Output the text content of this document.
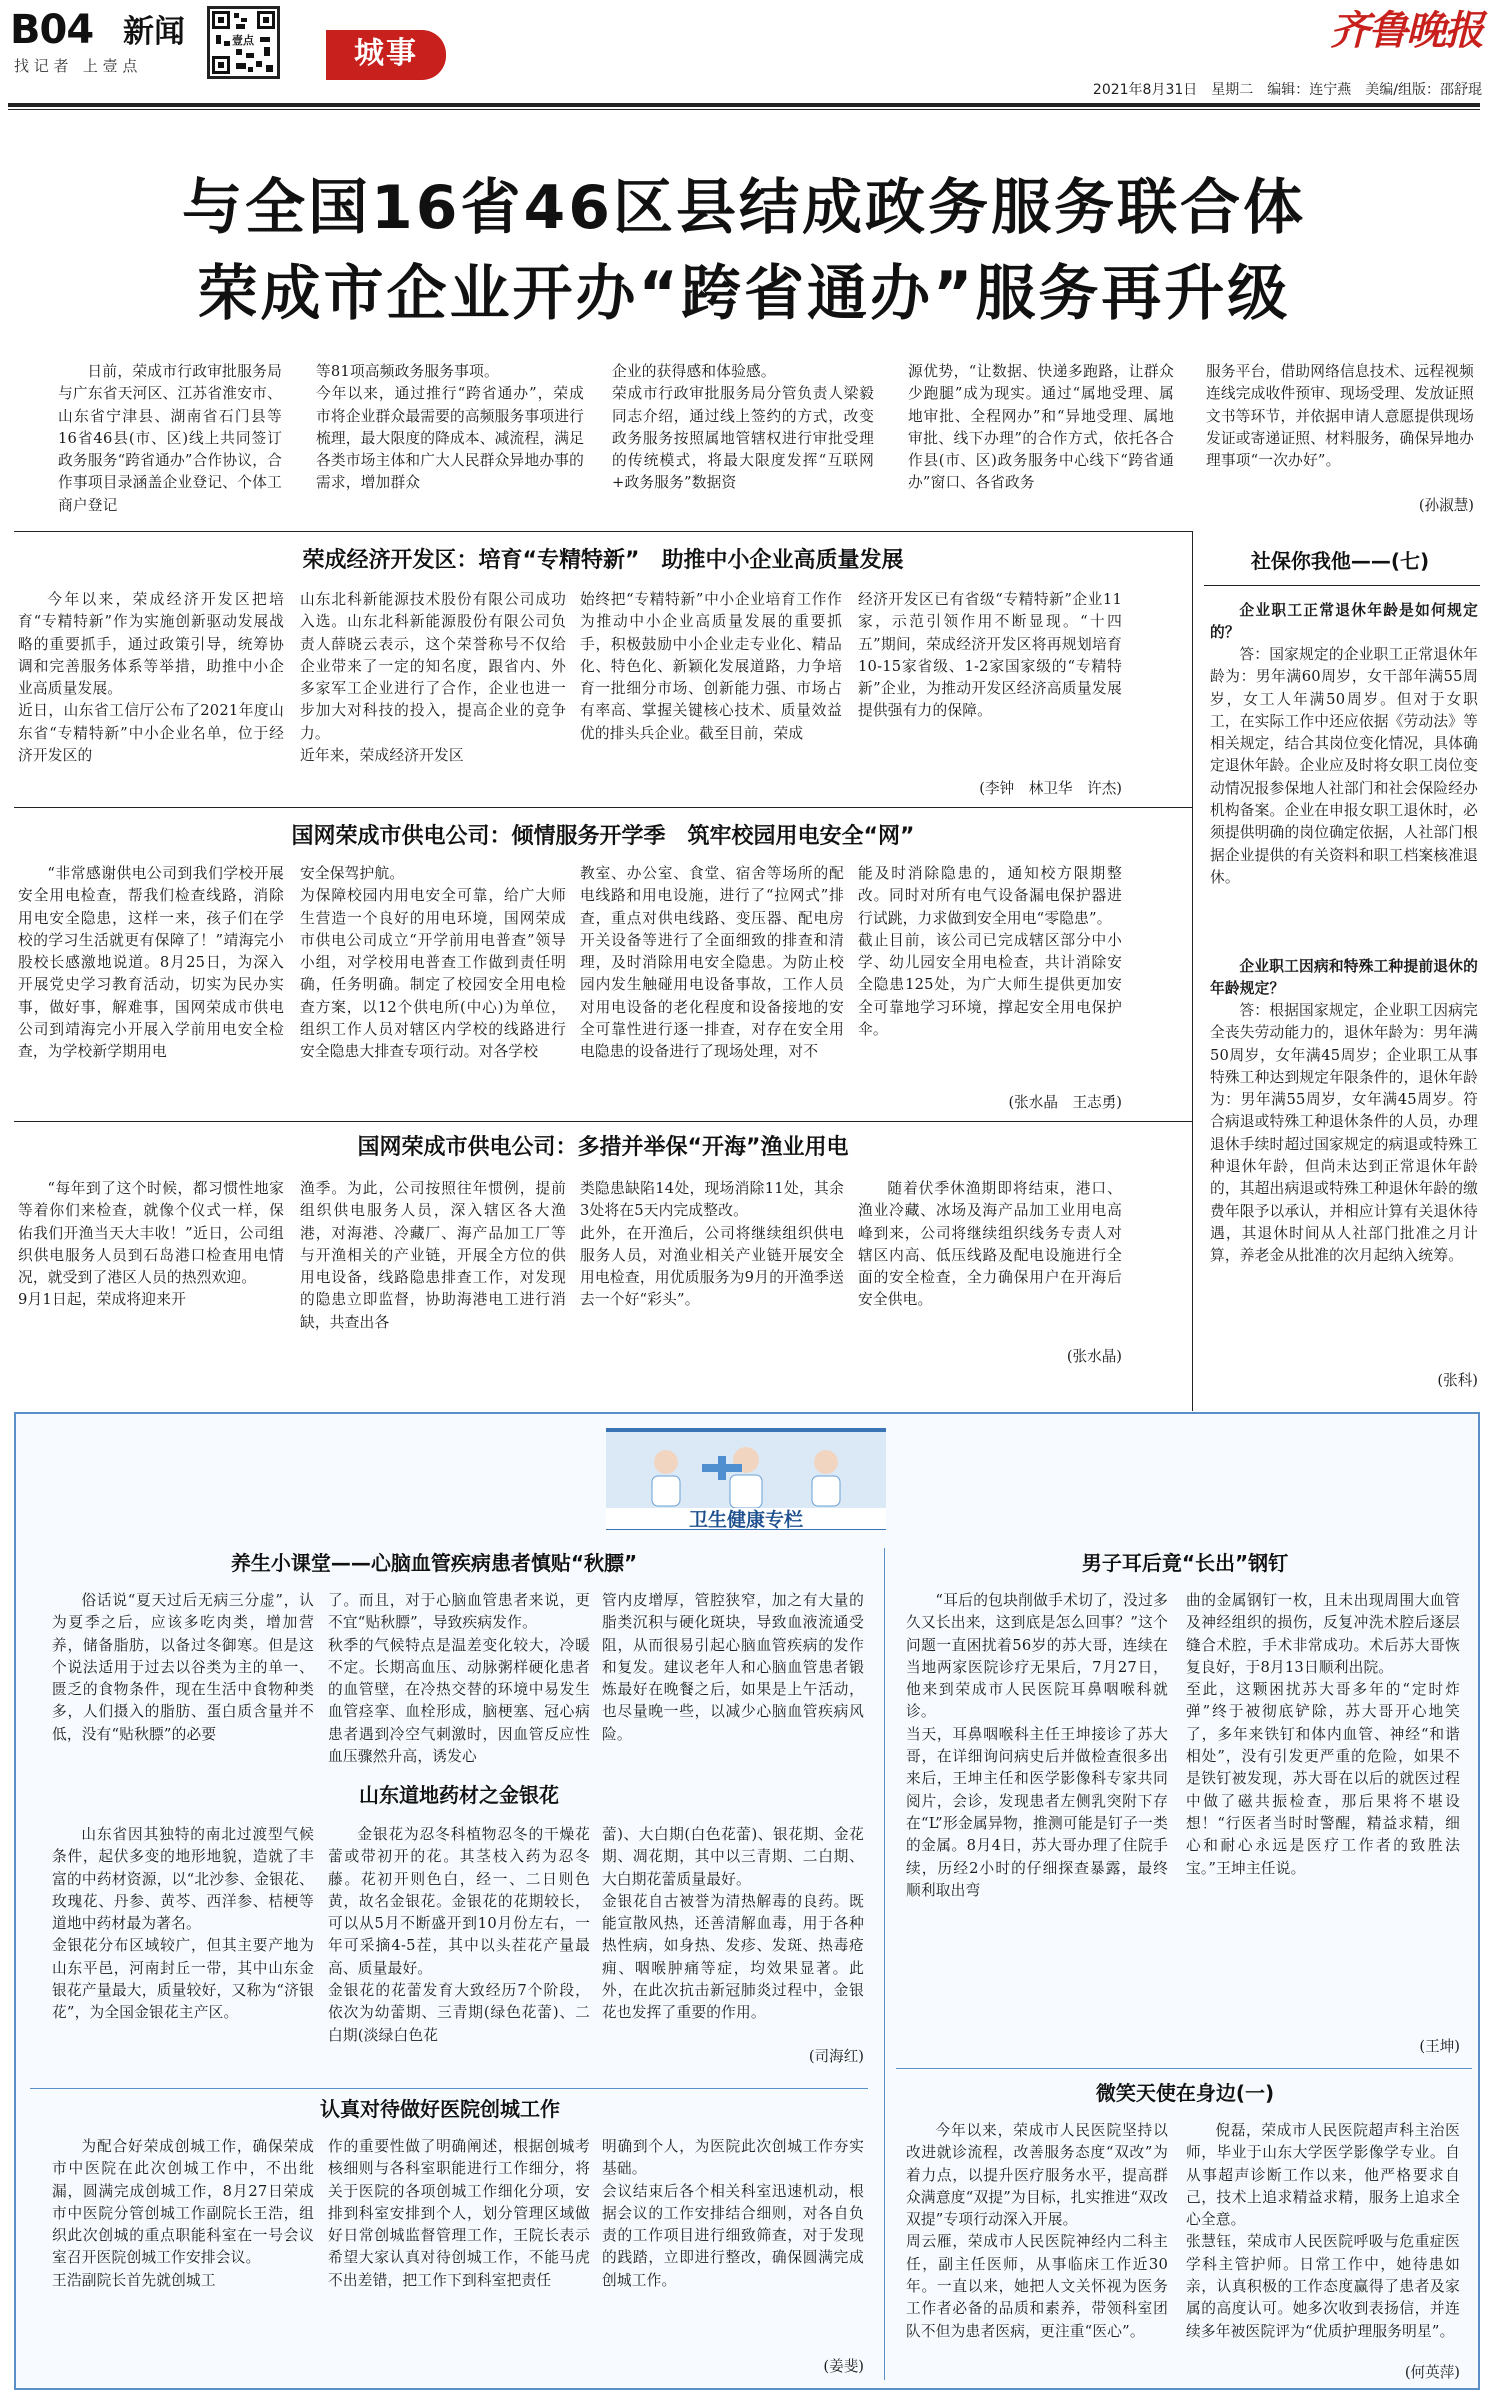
B04 新闻
找 记 者   上 壹 点
壹点	城事	齐鲁晚报
2021年8月31日　星期二　编辑：连宁燕　美编/组版：邵舒琨
与全国16省46区县结成政务服务联合体
荣成市企业开办“跨省通办”服务再升级
日前，荣成市行政审批服务局与广东省天河区、江苏省淮安市、山东省宁津县、湖南省石门县等16省46县(市、区)线上共同签订政务服务“跨省通办”合作协议，合作事项目录涵盖企业登记、个体工商户登记
等81项高频政务服务事项。
今年以来，通过推行“跨省通办”，荣成市将企业群众最需要的高频服务事项进行梳理，最大限度的降成本、减流程，满足各类市场主体和广大人民群众异地办事的需求，增加群众
企业的获得感和体验感。
荣成市行政审批服务局分管负责人梁毅同志介绍，通过线上签约的方式，改变政务服务按照属地管辖权进行审批受理的传统模式，将最大限度发挥“互联网+政务服务”数据资
源优势，“让数据、快递多跑路，让群众少跑腿”成为现实。通过“属地受理、属地审批、全程网办”和“异地受理、属地审批、线下办理”的合作方式，依托各合作县(市、区)政务服务中心线下“跨省通办”窗口、各省政务
服务平台，借助网络信息技术、远程视频连线完成收件预审、现场受理、发放证照文书等环节，并依据申请人意愿提供现场发证或寄递证照、材料服务，确保异地办理事项“一次办好”。
(孙淑慧)
荣成经济开发区：培育“专精特新”　助推中小企业高质量发展
今年以来，荣成经济开发区把培育“专精特新”作为实施创新驱动发展战略的重要抓手，通过政策引导，统筹协调和完善服务体系等举措，助推中小企业高质量发展。
近日，山东省工信厅公布了2021年度山东省“专精特新”中小企业名单，位于经济开发区的
山东北科新能源技术股份有限公司成功入选。山东北科新能源股份有限公司负责人薛晓云表示，这个荣誉称号不仅给企业带来了一定的知名度，跟省内、外多家军工企业进行了合作，企业也进一步加大对科技的投入，提高企业的竞争力。
近年来，荣成经济开发区
始终把“专精特新”中小企业培育工作作为推动中小企业高质量发展的重要抓手，积极鼓励中小企业走专业化、精品化、特色化、新颖化发展道路，力争培育一批细分市场、创新能力强、市场占有率高、掌握关键核心技术、质量效益优的排头兵企业。截至目前，荣成
经济开发区已有省级“专精特新”企业11家，示范引领作用不断显现。“十四五”期间，荣成经济开发区将再规划培育10-15家省级、1-2家国家级的“专精特新”企业，为推动开发区经济高质量发展提供强有力的保障。
(李钟　林卫华　许杰)
国网荣成市供电公司：倾情服务开学季　筑牢校园用电安全“网”
“非常感谢供电公司到我们学校开展安全用电检查，帮我们检查线路，消除用电安全隐患，这样一来，孩子们在学校的学习生活就更有保障了！”靖海完小股校长感激地说道。8月25日，为深入开展党史学习教育活动，切实为民办实事，做好事，解难事，国网荣成市供电公司到靖海完小开展入学前用电安全检查，为学校新学期用电
安全保驾护航。
为保障校园内用电安全可靠，给广大师生营造一个良好的用电环境，国网荣成市供电公司成立“开学前用电普查”领导小组，对学校用电普查工作做到责任明确，任务明确。制定了校园安全用电检查方案，以12个供电所(中心)为单位，组织工作人员对辖区内学校的线路进行安全隐患大排查专项行动。对各学校
教室、办公室、食堂、宿舍等场所的配电线路和用电设施，进行了“拉网式”排查，重点对供电线路、变压器、配电房开关设备等进行了全面细致的排查和清理，及时消除用电安全隐患。为防止校园内发生触碰用电设备事故，工作人员对用电设备的老化程度和设备接地的安全可靠性进行逐一排查，对存在安全用电隐患的设备进行了现场处理，对不
能及时消除隐患的，通知校方限期整改。同时对所有电气设备漏电保护器进行试跳，力求做到安全用电“零隐患”。
截止目前，该公司已完成辖区部分中小学、幼儿园安全用电检查，共计消除安全隐患125处，为广大师生提供更加安全可靠地学习环境，撑起安全用电保护伞。
(张水晶　王志勇)
国网荣成市供电公司：多措并举保“开海”渔业用电
“每年到了这个时候，都习惯性地家等着你们来检查，就像个仪式一样，保佑我们开渔当天大丰收！”近日，公司组织供电服务人员到石岛港口检查用电情况，就受到了港区人员的热烈欢迎。
9月1日起，荣成将迎来开
渔季。为此，公司按照往年惯例，提前组织供电服务人员，深入辖区各大渔港，对海港、冷藏厂、海产品加工厂等与开渔相关的产业链，开展全方位的供用电设备，线路隐患排查工作，对发现的隐患立即监督，协助海港电工进行消缺，共查出各
类隐患缺陷14处，现场消除11处，其余3处将在5天内完成整改。
此外，在开渔后，公司将继续组织供电服务人员，对渔业相关产业链开展安全用电检查，用优质服务为9月的开渔季送去一个好“彩头”。
随着伏季休渔期即将结束，港口、渔业冷藏、冰场及海产品加工业用电高峰到来，公司将继续组织线务专责人对辖区内高、低压线路及配电设施进行全面的安全检查，全力确保用户在开海后安全供电。
(张水晶)
社保你我他——(七)
企业职工正常退休年龄是如何规定的？
答：国家规定的企业职工正常退休年龄为：男年满60周岁，女干部年满55周岁，女工人年满50周岁。但对于女职工，在实际工作中还应依据《劳动法》等相关规定，结合其岗位变化情况，具体确定退休年龄。企业应及时将女职工岗位变动情况报参保地人社部门和社会保险经办机构备案。企业在申报女职工退休时，必须提供明确的岗位确定依据，人社部门根据企业提供的有关资料和职工档案核准退休。
企业职工因病和特殊工种提前退休的年龄规定？
答：根据国家规定，企业职工因病完全丧失劳动能力的，退休年龄为：男年满50周岁，女年满45周岁；企业职工从事特殊工种达到规定年限条件的，退休年龄为：男年满55周岁，女年满45周岁。符合病退或特殊工种退休条件的人员，办理退休手续时超过国家规定的病退或特殊工种退休年龄，但尚未达到正常退休年龄的，其超出病退或特殊工种退休年龄的缴费年限予以承认，并相应计算有关退休待遇，其退休时间从人社部门批准之月计算，养老金从批准的次月起纳入统筹。
(张科)
卫生健康专栏
养生小课堂——心脑血管疾病患者慎贴“秋膘”
俗话说“夏天过后无病三分虚”，认为夏季之后，应该多吃肉类，增加营养，储备脂肪，以备过冬御寒。但是这个说法适用于过去以谷类为主的单一、匮乏的食物条件，现在生活中食物种类多，人们摄入的脂肪、蛋白质含量并不低，没有“贴秋膘”的必要
了。而且，对于心脑血管患者来说，更不宜“贴秋膘”，导致疾病发作。
秋季的气候特点是温差变化较大，冷暖不定。长期高血压、动脉粥样硬化患者的血管壁，在冷热交替的环境中易发生血管痉挛、血栓形成，脑梗塞、冠心病患者遇到冷空气刺激时，因血管反应性血压骤然升高，诱发心
管内皮增厚，管腔狭窄，加之有大量的脂类沉积与硬化斑块，导致血液流通受阻，从而很易引起心脑血管疾病的发作和复发。建议老年人和心脑血管患者锻炼最好在晚餐之后，如果是上午活动，也尽量晚一些，以减少心脑血管疾病风险。
山东道地药材之金银花
山东省因其独特的南北过渡型气候条件，起伏多变的地形地貌，造就了丰富的中药材资源，以“北沙参、金银花、玫瑰花、丹参、黄芩、西洋参、桔梗等道地中药材最为著名。
金银花分布区域较广，但其主要产地为山东平邑，河南封丘一带，其中山东金银花产量最大，质量较好，又称为“济银花”，为全国金银花主产区。
金银花为忍冬科植物忍冬的干燥花蕾或带初开的花。其茎枝入药为忍冬藤。花初开则色白，经一、二日则色黄，故名金银花。金银花的花期较长，可以从5月不断盛开到10月份左右，一年可采摘4-5茬，其中以头茬花产量最高、质量最好。
金银花的花蕾发育大致经历7个阶段，依次为幼蕾期、三青期(绿色花蕾)、二白期(淡绿白色花
蕾)、大白期(白色花蕾)、银花期、金花期、凋花期，其中以三青期、二白期、大白期花蕾质量最好。
金银花自古被誉为清热解毒的良药。既能宣散风热，还善清解血毒，用于各种热性病，如身热、发疹、发斑、热毒疮痈、咽喉肿痛等症，均效果显著。此外，在此次抗击新冠肺炎过程中，金银花也发挥了重要的作用。
(司海红)
认真对待做好医院创城工作
为配合好荣成创城工作，确保荣成市中医院在此次创城工作中，不出纰漏，圆满完成创城工作，8月27日荣成市中医院分管创城工作副院长王浩，组织此次创城的重点职能科室在一号会议室召开医院创城工作安排会议。
王浩副院长首先就创城工
作的重要性做了明确阐述，根据创城考核细则与各科室职能进行工作细分，将关于医院的各项创城工作细化分项，安排到科室安排到个人，划分管理区域做好日常创城监督管理工作，王院长表示希望大家认真对待创城工作，不能马虎不出差错，把工作下到科室把责任
明确到个人，为医院此次创城工作夯实基础。
会议结束后各个相关科室迅速机动，根据会议的工作安排结合细则，对各自负责的工作项目进行细致筛查，对于发现的践踏，立即进行整改，确保圆满完成创城工作。
(姜斐)
男子耳后竟“长出”钢钉
“耳后的包块削做手术切了，没过多久又长出来，这到底是怎么回事？”这个问题一直困扰着56岁的苏大哥，连续在当地两家医院诊疗无果后，7月27日，他来到荣成市人民医院耳鼻咽喉科就诊。
当天，耳鼻咽喉科主任王坤接诊了苏大哥，在详细询问病史后并做检查很多出来后，王坤主任和医学影像科专家共同阅片，会诊，发现患者左侧乳突附下存在“L”形金属异物，推测可能是钉子一类的金属。8月4日，苏大哥办理了住院手续，历经2小时的仔细探查暴露，最终顺利取出弯
曲的金属钢钉一枚，且未出现周围大血管及神经组织的损伤，反复冲洗术腔后逐层缝合术腔，手术非常成功。术后苏大哥恢复良好，于8月13日顺利出院。
至此，这颗困扰苏大哥多年的“定时炸弹”终于被彻底铲除，苏大哥开心地笑了，多年来铁钉和体内血管、神经“和谐相处”，没有引发更严重的危险，如果不是铁钉被发现，苏大哥在以后的就医过程中做了磁共振检查，那后果将不堪设想！“行医者当时时警醒，精益求精，细心和耐心永远是医疗工作者的致胜法宝。”王坤主任说。
(王坤)
微笑天使在身边(一)
今年以来，荣成市人民医院坚持以改进就诊流程，改善服务态度“双改”为着力点，以提升医疗服务水平，提高群众满意度“双提”为目标，扎实推进“双改双提”专项行动深入开展。
周云雁，荣成市人民医院神经内二科主任，副主任医师，从事临床工作近30年。一直以来，她把人文关怀视为医务工作者必备的品质和素养，带领科室团队不但为患者医病，更注重“医心”。
倪磊，荣成市人民医院超声科主治医师，毕业于山东大学医学影像学专业。自从事超声诊断工作以来，他严格要求自己，技术上追求精益求精，服务上追求全心全意。
张慧钰，荣成市人民医院呼吸与危重症医学科主管护师。日常工作中，她待患如亲，认真积极的工作态度赢得了患者及家属的高度认可。她多次收到表扬信，并连续多年被医院评为“优质护理服务明星”。
(何英萍)
